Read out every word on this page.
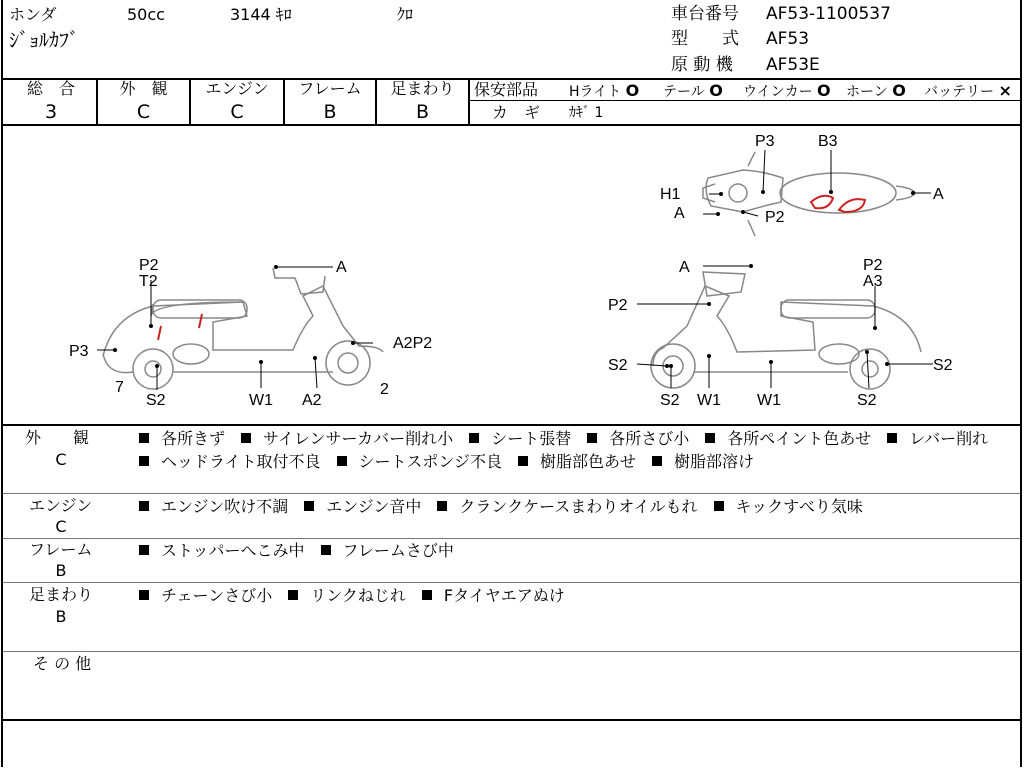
ホンダ	50cc	3144 ｷﾛ	ｸﾛ
ｼﾞｮﾙｶﾌﾞ
車台番号 AF53-1100537
型　　式 AF53
原 動 機 AF53E
総　合
3
外　観
C
エンジン
C
フレーム
B
足まわり
B
保安部品 Hライト O テール O ウインカー O ホーン O バッテリー ×
カ　ギ ｶｷﾞ 1
P3	B3
H1	A
A	P2
P2
T2
A
P3	A2P2
7
S2	W1 A2
2
A	P2
A3
P2
S2	S2
S2 W1 W1	S2
外　　観
C
各所きず サイレンサーカバー削れ小 シート張替 各所さび小 各所ペイント色あせ レバー削れヘッドライト取付不良 シートスポンジ不良 樹脂部色あせ 樹脂部溶け
エンジン
C
エンジン吹け不調 エンジン音中 クランクケースまわりオイルもれ キックすべり気味
フレーム
B
ストッパーへこみ中 フレームさび中
足まわり
B
チェーンさび小 リンクねじれ Fタイヤエアぬけ
そ の 他
